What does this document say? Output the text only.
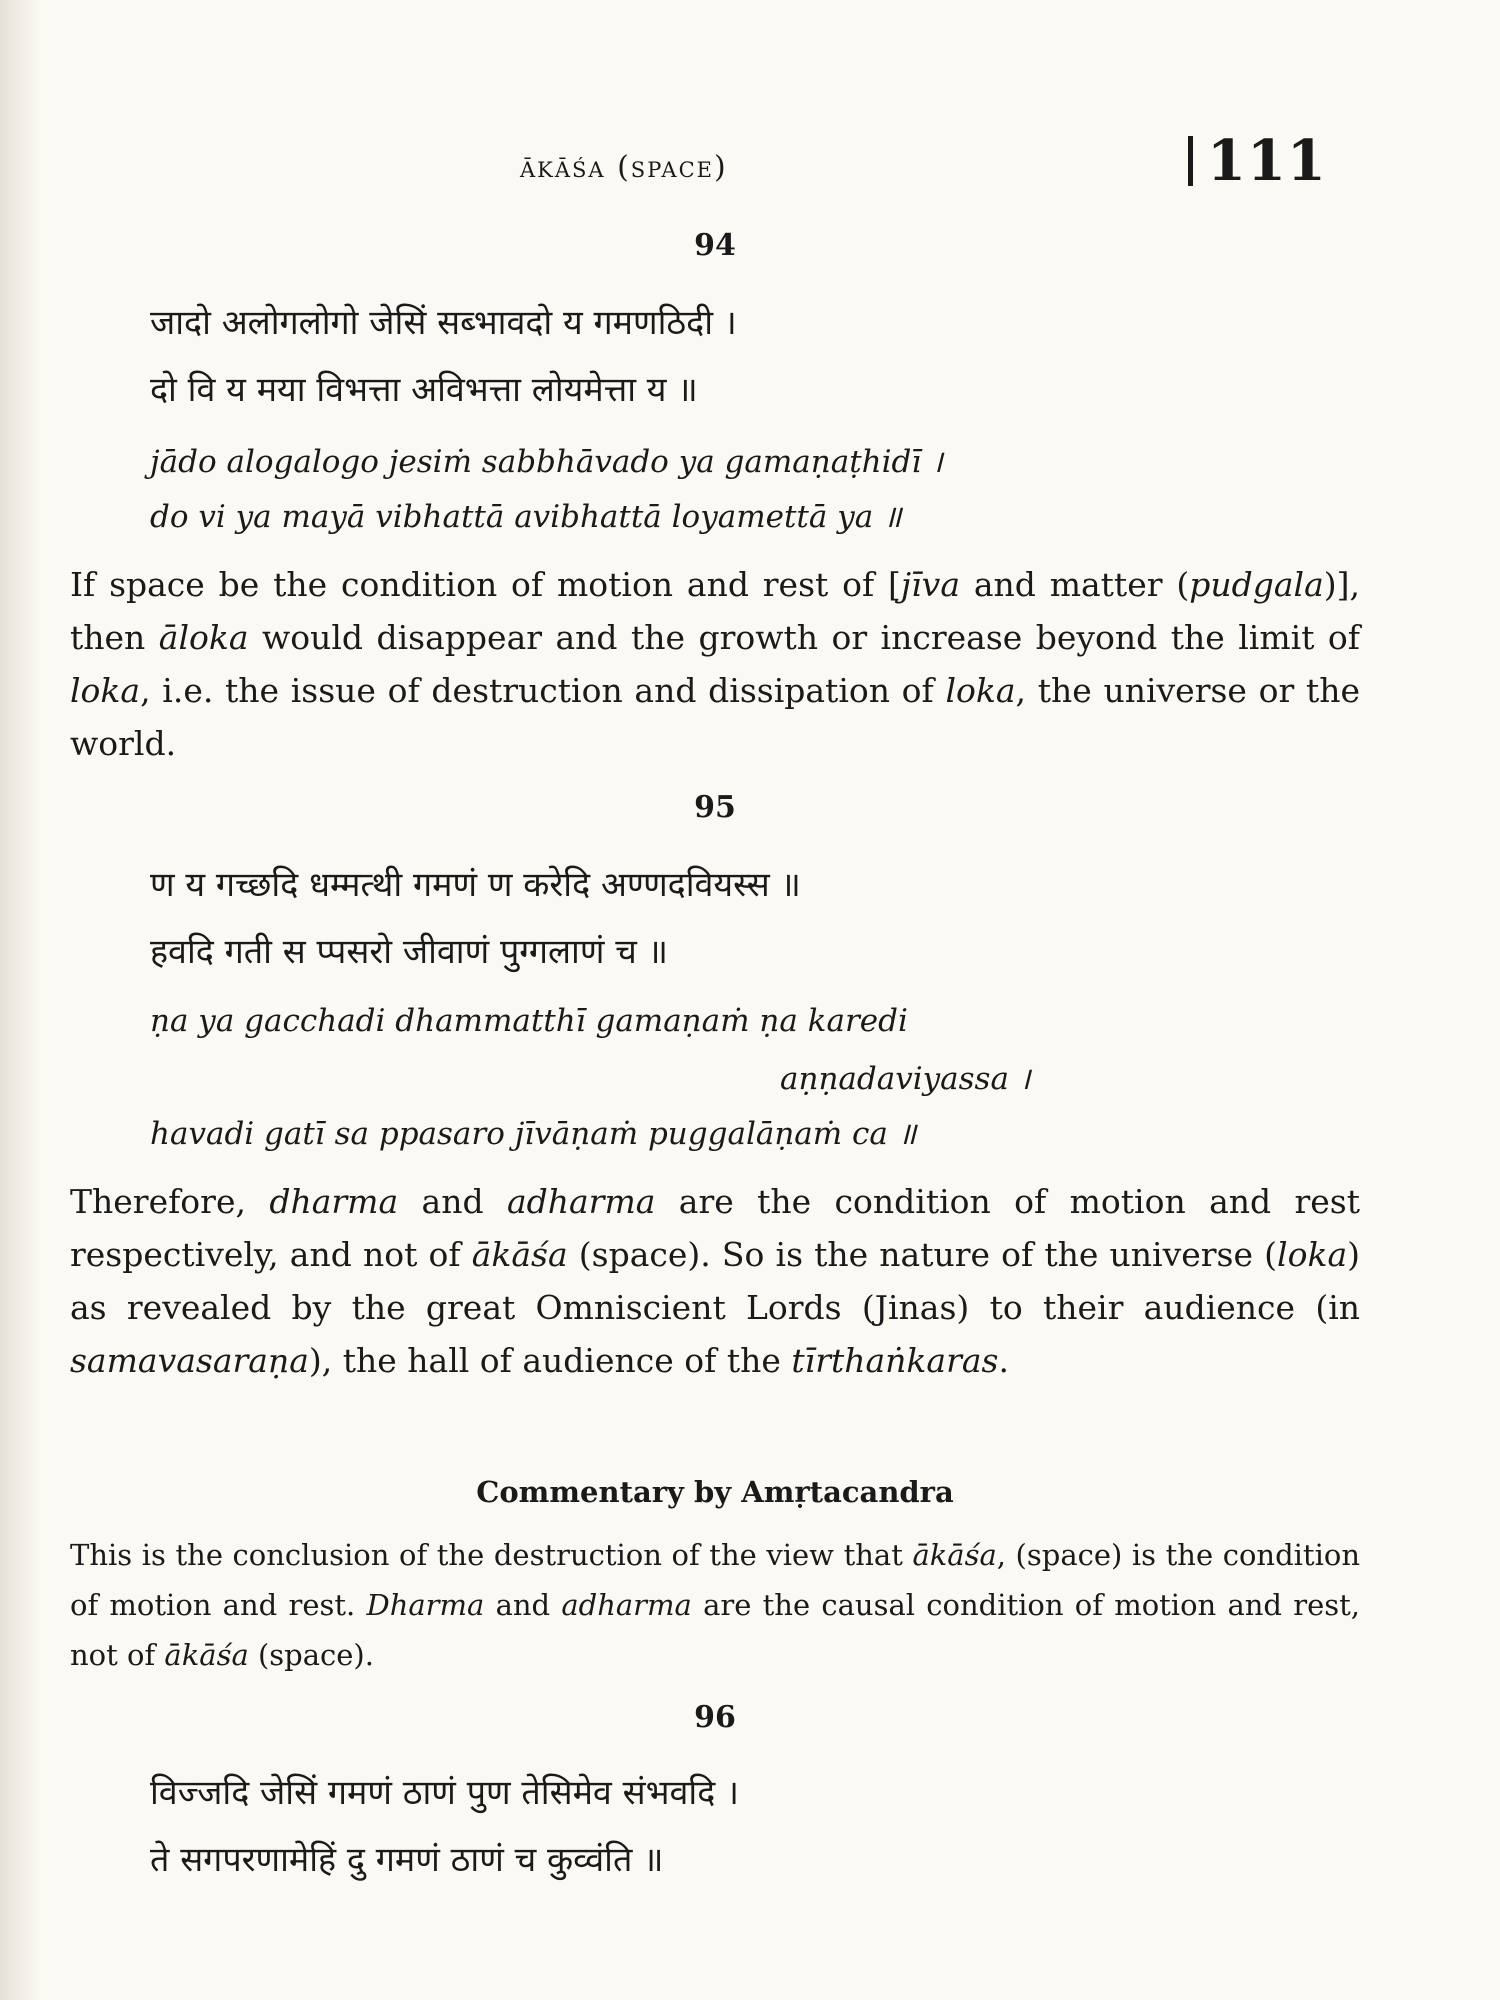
ākāśa (space)	111
94
जादो अलोगलोगो जेसिं सब्भावदो य गमणठिदी ।
दो वि य मया विभत्ता अविभत्ता लोयमेत्ता य ॥
jādo alogalogo jesiṁ sabbhāvado ya gamaṇaṭhidī ।
do vi ya mayā vibhattā avibhattā loyamettā ya ॥
If space be the condition of motion and rest of [jīva and matter (pudgala)], then āloka would disappear and the growth or increase beyond the limit of loka, i.e. the issue of destruction and dissipation of loka, the universe or the world.
95
ण य गच्छदि धम्मत्थी गमणं ण करेदि अण्णदवियस्स ॥
हवदि गती स प्पसरो जीवाणं पुग्गलाणं च ॥
ṇa ya gacchadi dhammatthī gamaṇaṁ ṇa karedi
aṇṇadaviyassa ।
havadi gatī sa ppasaro jīvāṇaṁ puggalāṇaṁ ca ॥
Therefore, dharma and adharma are the condition of motion and rest respectively, and not of ākāśa (space). So is the nature of the universe (loka) as revealed by the great Omniscient Lords (Jinas) to their audience (in samavasaraṇa), the hall of audience of the tīrthaṅkaras.
Commentary by Amṛtacandra
This is the conclusion of the destruction of the view that ākāśa, (space) is the condition of motion and rest. Dharma and adharma are the causal condition of motion and rest, not of ākāśa (space).
96
विज्जदि जेसिं गमणं ठाणं पुण तेसिमेव संभवदि ।
ते सगपरणामेहिं दु गमणं ठाणं च कुव्वंति ॥
